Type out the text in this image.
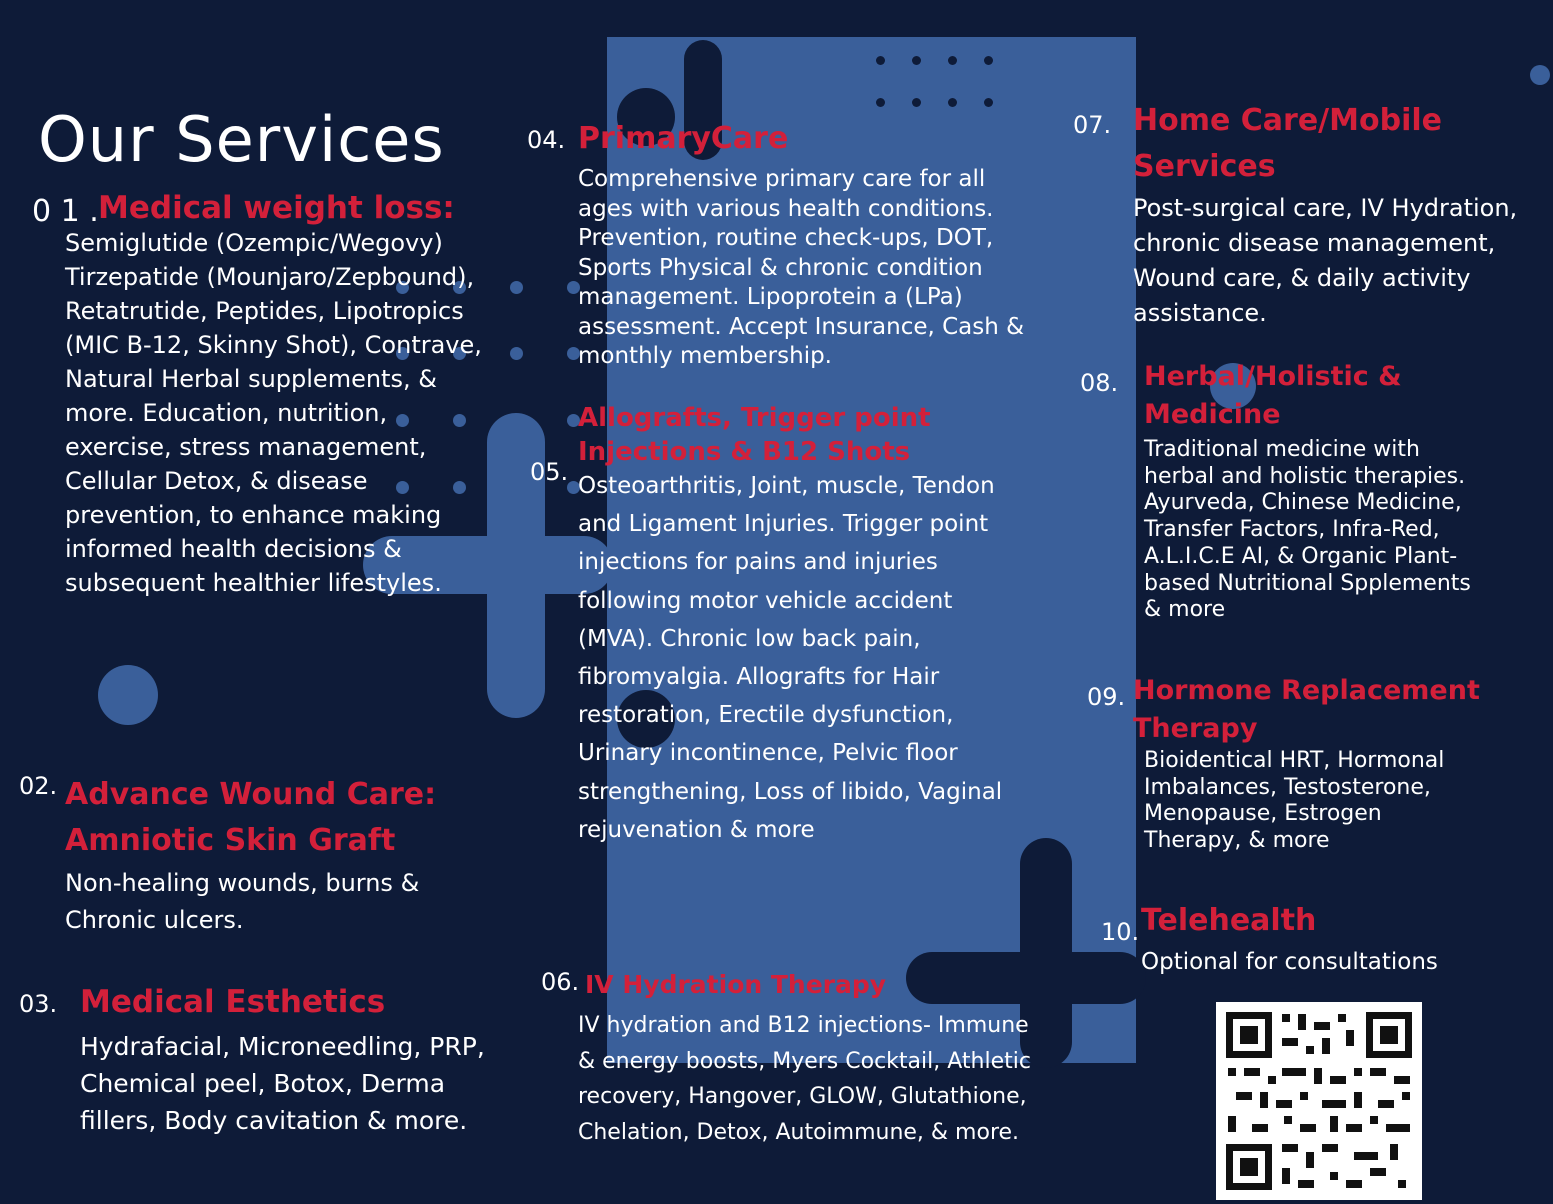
Our Services
0 1 . Medical weight loss:

Semiglutide (Ozempic/Wegovy) Tirzepatide (Mounjaro/Zepbound), Retatrutide, Peptides, Lipotropics (MIC B-12, Skinny Shot), Contrave, Natural Herbal supplements, & more. Education, nutrition, exercise, stress management, Cellular Detox, & disease prevention, to enhance making informed health decisions & subsequent healthier lifestyles.

02. Advance Wound Care: Amniotic Skin Graft

Non-healing wounds, burns & Chronic ulcers.

03. Medical Esthetics

Hydrafacial, Microneedling, PRP, Chemical peel, Botox, Derma fillers, Body cavitation & more.

04. PrimaryCare

Comprehensive primary care for all ages with various health conditions. Prevention, routine check-ups, DOT, Sports Physical & chronic condition management. Lipoprotein a (LPa) assessment. Accept Insurance, Cash & monthly membership.

05.
Allografts, Trigger point Injections & B12 Shots

Osteoarthritis, Joint, muscle, Tendon and Ligament Injuries. Trigger point injections for pains and injuries following motor vehicle accident (MVA). Chronic low back pain, fibromyalgia. Allografts for Hair restoration, Erectile dysfunction, Urinary incontinence, Pelvic floor strengthening, Loss of libido, Vaginal rejuvenation & more

06. IV Hydration Therapy

IV hydration and B12 injections- Immune & energy boosts, Myers Cocktail, Athletic recovery, Hangover, GLOW, Glutathione, Chelation, Detox, Autoimmune, & more.

07. Home Care/Mobile Services

Post-surgical care, IV Hydration, chronic disease management, Wound care, & daily activity assistance.

08. Herbal/Holistic & Medicine

Traditional medicine with herbal and holistic therapies. Ayurveda, Chinese Medicine, Transfer Factors, Infra-Red, A.L.I.C.E AI, & Organic Plant-based Nutritional Spplements & more

09. Hormone Replacement Therapy

Bioidentical HRT, Hormonal Imbalances, Testosterone, Menopause, Estrogen Therapy, & more

10. Telehealth

Optional for consultations
